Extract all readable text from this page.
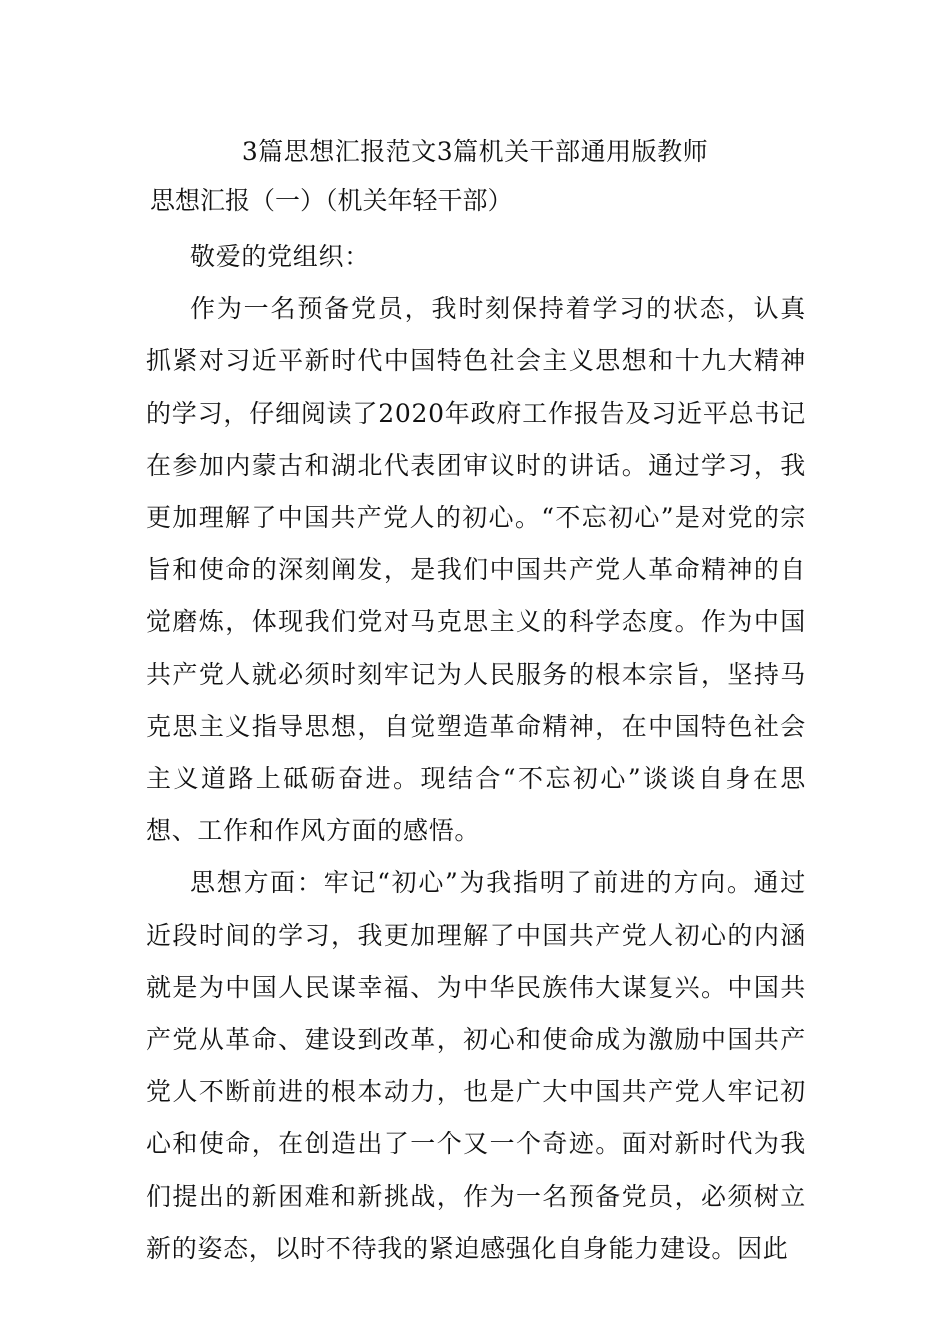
3篇思想汇报范文3篇机关干部通用版教师
思想汇报（一）（机关年轻干部）

敬爱的党组织：

作为一名预备党员，我时刻保持着学习的状态，认真抓紧对习近平新时代中国特色社会主义思想和十九大精神的学习，仔细阅读了2020年政府工作报告及习近平总书记在参加内蒙古和湖北代表团审议时的讲话。通过学习，我更加理解了中国共产党人的初心。“不忘初心”是对党的宗旨和使命的深刻阐发，是我们中国共产党人革命精神的自觉磨炼，体现我们党对马克思主义的科学态度。作为中国共产党人就必须时刻牢记为人民服务的根本宗旨，坚持马克思主义指导思想，自觉塑造革命精神，在中国特色社会主义道路上砥砺奋进。现结合“不忘初心”谈谈自身在思想、工作和作风方面的感悟。

思想方面：牢记“初心”为我指明了前进的方向。通过近段时间的学习，我更加理解了中国共产党人初心的内涵就是为中国人民谋幸福、为中华民族伟大谋复兴。中国共产党从革命、建设到改革，初心和使命成为激励中国共产党人不断前进的根本动力，也是广大中国共产党人牢记初心和使命，在创造出了一个又一个奇迹。面对新时代为我们提出的新困难和新挑战，作为一名预备党员，必须树立新的姿态，以时不待我的紧迫感强化自身能力建设。因此
